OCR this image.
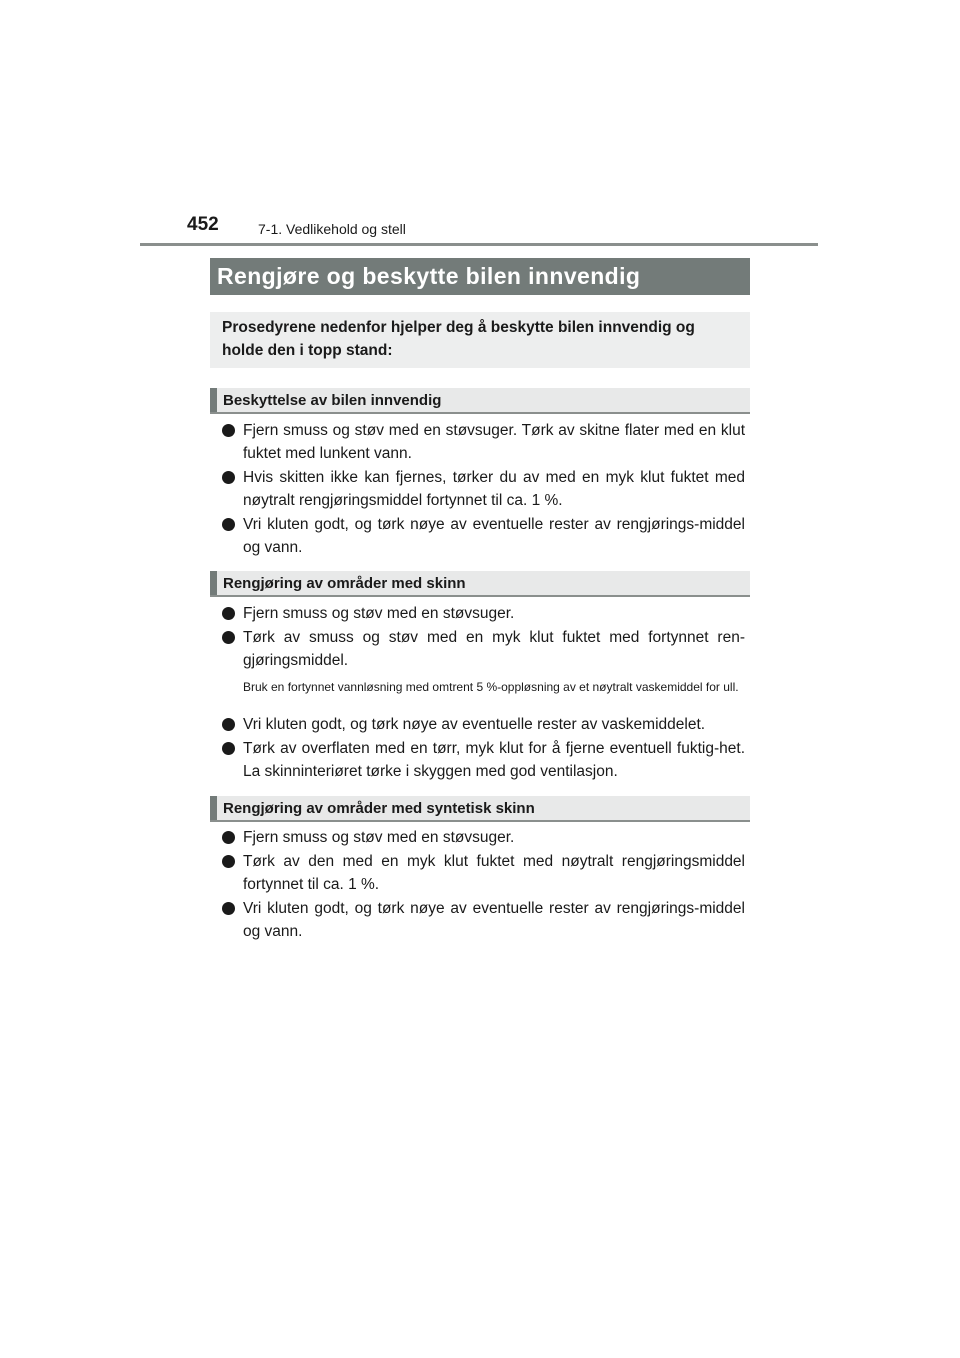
452	7-1. Vedlikehold og stell
Rengjøre og beskytte bilen innvendig

Prosedyrene nedenfor hjelper deg å beskytte bilen innvendig og holde den i topp stand:

Beskyttelse av bilen innvendig
Fjern smuss og støv med en støvsuger. Tørk av skitne flater med en klut fuktet med lunkent vann.
Hvis skitten ikke kan fjernes, tørker du av med en myk klut fuktet med nøytralt rengjøringsmiddel fortynnet til ca. 1 %.
Vri kluten godt, og tørk nøye av eventuelle rester av rengjørings-middel og vann.
Rengjøring av områder med skinn
Fjern smuss og støv med en støvsuger.
Tørk av smuss og støv med en myk klut fuktet med fortynnet ren-gjøringsmiddel.

Bruk en fortynnet vannløsning med omtrent 5 %-oppløsning av et nøytralt vaskemiddel for ull.

Vri kluten godt, og tørk nøye av eventuelle rester av vaskemiddelet.
Tørk av overflaten med en tørr, myk klut for å fjerne eventuell fuktig-het. La skinninteriøret tørke i skyggen med god ventilasjon.
Rengjøring av områder med syntetisk skinn
Fjern smuss og støv med en støvsuger.
Tørk av den med en myk klut fuktet med nøytralt rengjøringsmiddel fortynnet til ca. 1 %.
Vri kluten godt, og tørk nøye av eventuelle rester av rengjørings-middel og vann.
